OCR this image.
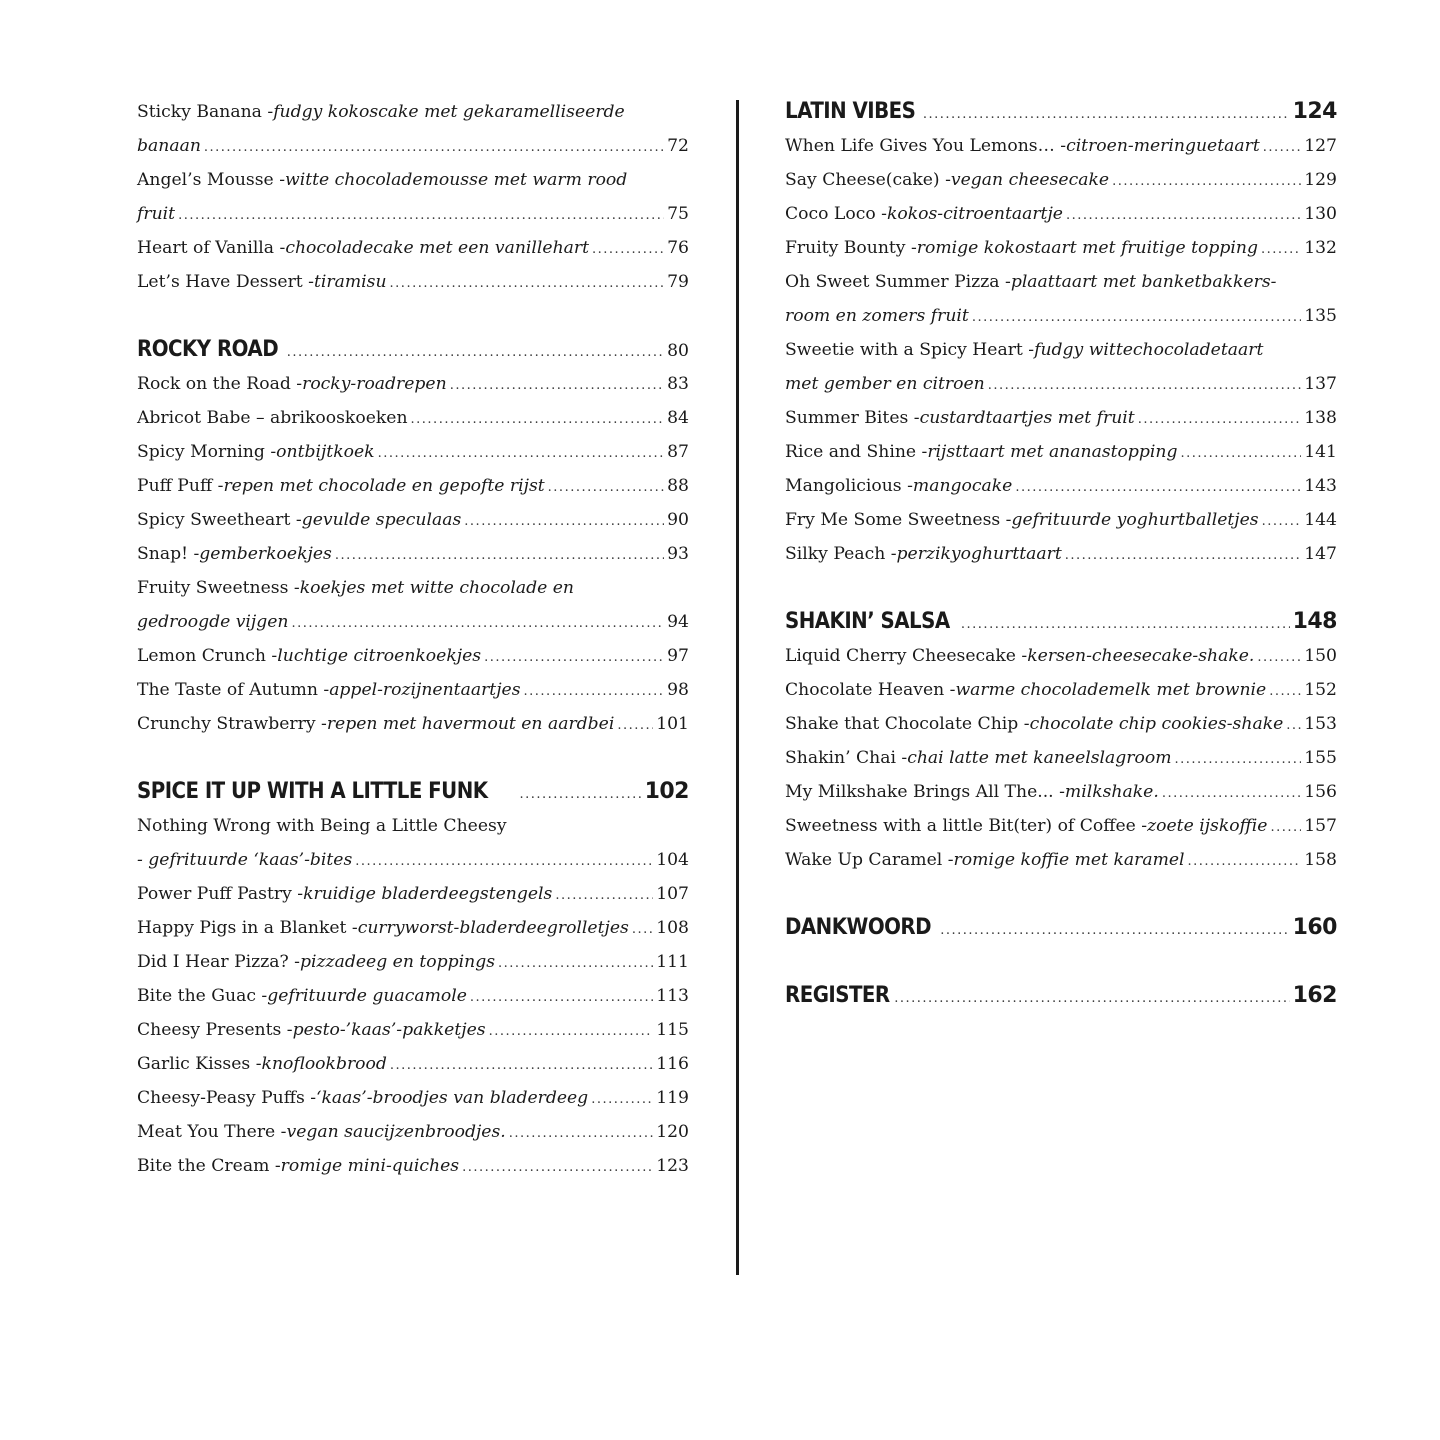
Sticky Banana - fudgy kokoscake met gekaramelliseerde
banaan .....	72
Angel’s Mousse - witte chocolademousse met warm rood
fruit .....	75
Heart of Vanilla - chocoladecake met een vanillehart .....	76
Let’s Have Dessert - tiramisu .....	79
ROCKY ROAD .....	80
Rock on the Road - rocky-roadrepen .....	83
Abricot Babe – abrikooskoeken .....	84
Spicy Morning - ontbijtkoek .....	87
Puff Puff - repen met chocolade en gepofte rijst .....	88
Spicy Sweetheart - gevulde speculaas .....	90
Snap! - gemberkoekjes .....	93
Fruity Sweetness - koekjes met witte chocolade en
gedroogde vijgen .....	94
Lemon Crunch - luchtige citroenkoekjes .....	97
The Taste of Autumn - appel-rozijnentaartjes .....	98
Crunchy Strawberry - repen met havermout en aardbei ..... 101
SPICE IT UP WITH A LITTLE FUNK .....	102
Nothing Wrong with Being a Little Cheesy
- gefrituurde ‘kaas’-bites .....	104
Power Puff Pastry - kruidige bladerdeegstengels .....	107
Happy Pigs in a Blanket - curryworst-bladerdeegrolletjes ..... 108
Did I Hear Pizza? - pizzadeeg en toppings .....	111
Bite the Guac - gefrituurde guacamole .....	113
Cheesy Presents - pesto-’kaas’-pakketjes .....	115
Garlic Kisses - knoflookbrood .....	116
Cheesy-Peasy Puffs - ‘kaas’-broodjes van bladerdeeg .....	119
Meat You There - vegan saucijzenbroodjes. .....	120
Bite the Cream - romige mini-quiches .....	123
LATIN VIBES .....	124
When Life Gives You Lemons… - citroen-meringuetaart .....	127
Say Cheese(cake) - vegan cheesecake .....	129
Coco Loco - kokos-citroentaartje .....	130
Fruity Bounty - romige kokostaart met fruitige topping .....	132
Oh Sweet Summer Pizza - plaattaart met banketbakkers-
room en zomers fruit .....	135
Sweetie with a Spicy Heart - fudgy wittechocoladetaart
met gember en citroen .....	137
Summer Bites - custardtaartjes met fruit .....	138
Rice and Shine - rijsttaart met ananastopping .....	141
Mangolicious - mangocake .....	143
Fry Me Some Sweetness - gefrituurde yoghurtballetjes .....	144
Silky Peach - perzikyoghurttaart .....	147
SHAKIN’ SALSA .....	148
Liquid Cherry Cheesecake - kersen-cheesecake-shake. .....	150
Chocolate Heaven - warme chocolademelk met brownie ..... 152
Shake that Chocolate Chip - chocolate chip cookies-shake ..... 153
Shakin’ Chai - chai latte met kaneelslagroom .....	155
My Milkshake Brings All The... - milkshake. .....	156
Sweetness with a little Bit(ter) of Coffee - zoete ijskoffie ..... 157
Wake Up Caramel - romige koffie met karamel .....	158
DANKWOORD .....	160
REGISTER .....	162
